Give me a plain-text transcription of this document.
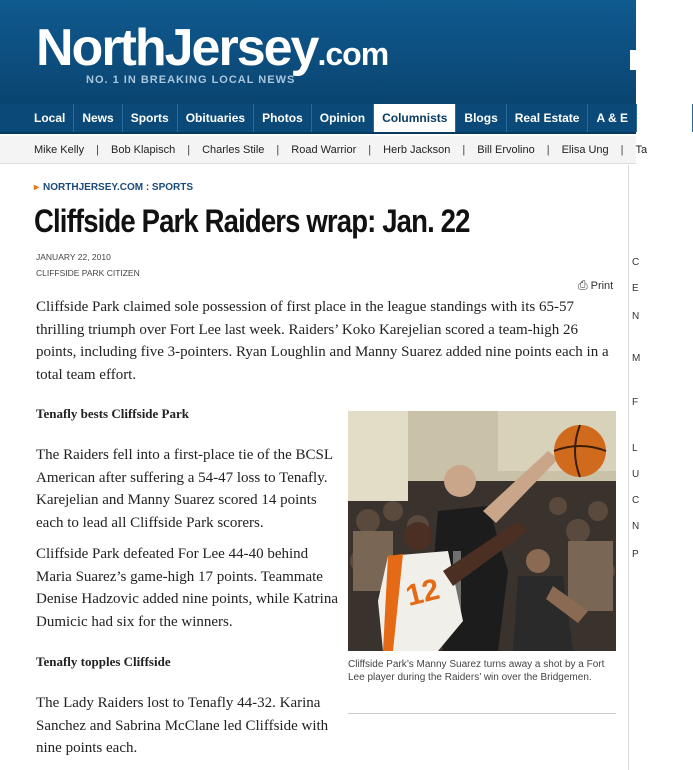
NorthJersey.com
NO. 1 IN BREAKING LOCAL NEWS
Local	News	Sports	Obituaries	Photos	Opinion	Columnists	Blogs	Real Estate	A & E	Events
Mike Kelly | Bob Klapisch | Charles Stile | Road Warrior | Herb Jackson | Bill Ervolino | Elisa Ung | Ta
▸ NORTHJERSEY.COM : SPORTS
Cliffside Park Raiders wrap: Jan. 22
JANUARY 22, 2010
CLIFFSIDE PARK CITIZEN
⎙ Print

Cliffside Park claimed sole possession of first place in the league standings with its 65-57 thrilling triumph over Fort Lee last week. Raiders’ Koko Karejelian scored a team-high 26 points, including five 3-pointers. Ryan Loughlin and Manny Suarez added nine points each in a total team effort.

Tenafly bests Cliffside Park

The Raiders fell into a first-place tie of the BCSL American after suffering a 54-47 loss to Tenafly. Karejelian and Manny Suarez scored 14 points each to lead all Cliffside Park scorers.

Cliffside Park defeated For Lee 44-40 behind Maria Suarez’s game-high 17 points. Teammate Denise Hadzovic added nine points, while Katrina Dumicic had six for the winners.

Tenafly topples Cliffside

The Lady Raiders lost to Tenafly 44-32. Karina Sanchez and Sabrina McClane led Cliffside with nine points each.

12
Cliffside Park’s Manny Suarez turns away a shot by a Fort Lee player during the Raiders’ win over the Bridgemen.
C
E
N
M
F
L
U
C
N
P
